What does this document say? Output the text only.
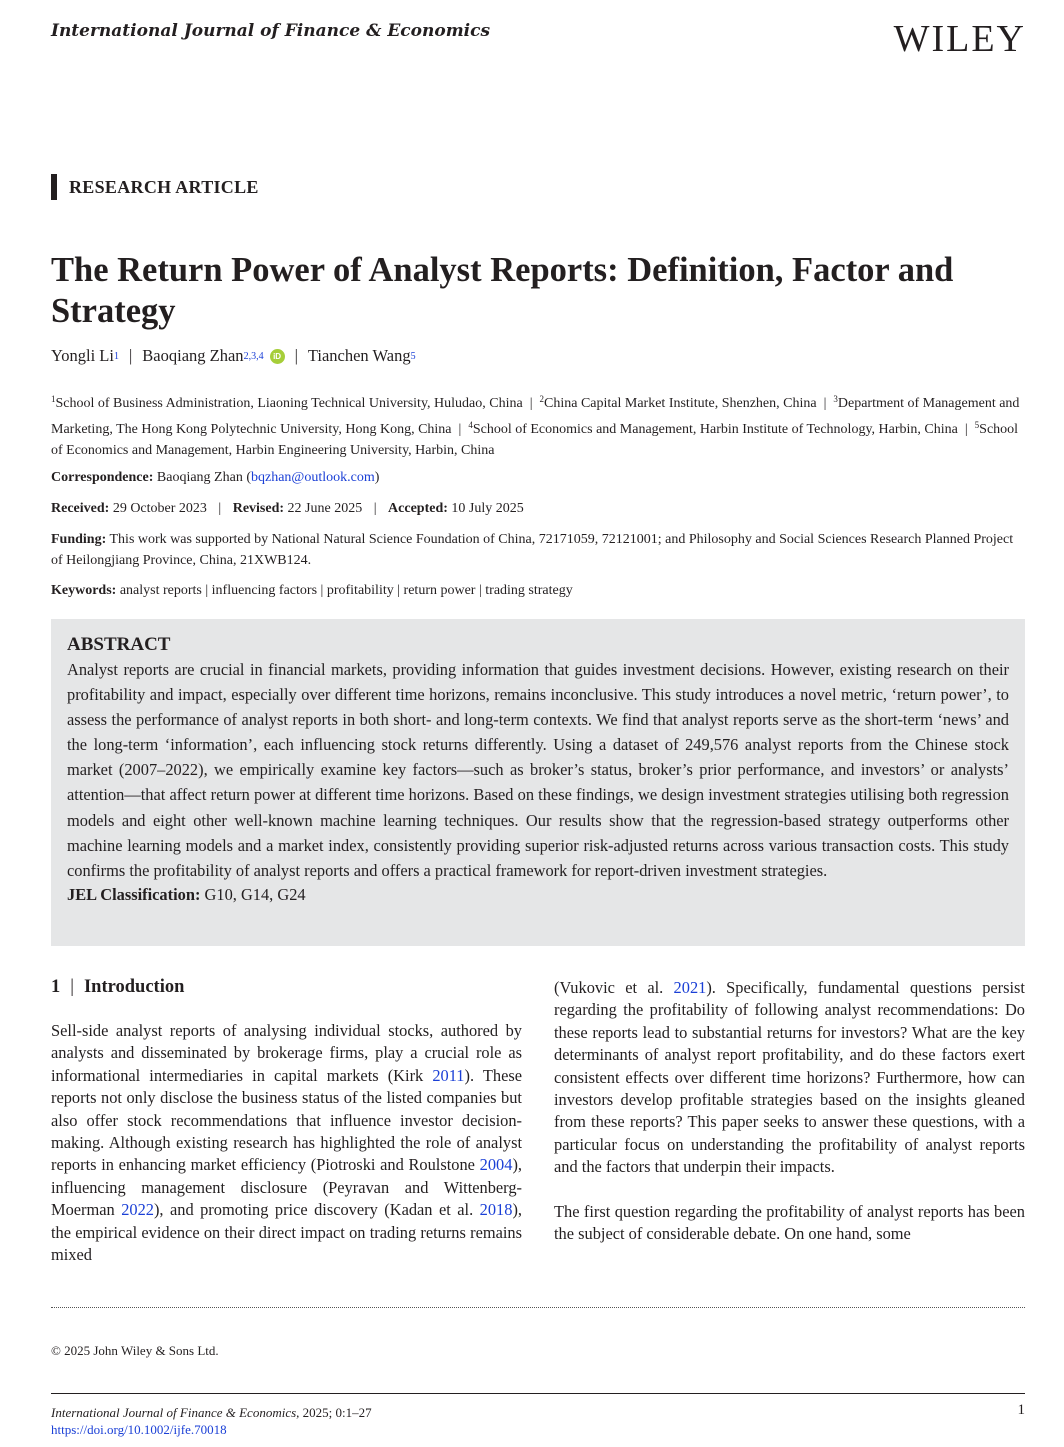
International Journal of Finance & Economics	WILEY
RESEARCH ARTICLE
The Return Power of Analyst Reports: Definition, Factor and Strategy
Yongli Li 1 | Baoqiang Zhan 2,3,4	iD | Tianchen Wang 5
$^1$School of Business Administration, Liaoning Technical University, Huludao, China | $^2$China Capital Market Institute, Shenzhen, China | $^3$Department of Management and Marketing, The Hong Kong Polytechnic University, Hong Kong, China | $^4$School of Economics and Management, Harbin Institute of Technology, Harbin, China | $^5$School of Economics and Management, Harbin Engineering University, Harbin, China
Correspondence: Baoqiang Zhan (bqzhan@outlook.com)
Received: 29 October 2023 | Revised: 22 June 2025 | Accepted: 10 July 2025
Funding: This work was supported by National Natural Science Foundation of China, 72171059, 72121001; and Philosophy and Social Sciences Research Planned Project of Heilongjiang Province, China, 21XWB124.
Keywords: analyst reports | influencing factors | profitability | return power | trading strategy
ABSTRACT
Analyst reports are crucial in financial markets, providing information that guides investment decisions. However, existing research on their profitability and impact, especially over different time horizons, remains inconclusive. This study introduces a novel metric, ‘return power’, to assess the performance of analyst reports in both short- and long-term contexts. We find that analyst reports serve as the short-term ‘news’ and the long-term ‘information’, each influencing stock returns differently. Using a dataset of 249,576 analyst reports from the Chinese stock market (2007–2022), we empirically examine key factors—such as broker’s status, broker’s prior performance, and investors’ or analysts’ attention—that affect return power at different time horizons. Based on these findings, we design investment strategies utilising both regression models and eight other well-known machine learning techniques. Our results show that the regression-based strategy outperforms other machine learning models and a market index, consistently providing superior risk-adjusted returns across various transaction costs. This study confirms the profitability of analyst reports and offers a practical framework for report-driven investment strategies.
JEL Classification: G10, G14, G24
1 | Introduction

Sell-side analyst reports of analysing individual stocks, authored by analysts and disseminated by brokerage firms, play a crucial role as informational intermediaries in capital markets (Kirk 2011). These reports not only disclose the business status of the listed companies but also offer stock recommendations that influence investor decision-making. Although existing research has highlighted the role of analyst reports in enhancing market efficiency (Piotroski and Roulstone 2004), influencing management disclosure (Peyravan and Wittenberg-Moerman 2022), and promoting price discovery (Kadan et al. 2018), the empirical evidence on their direct impact on trading returns remains mixed

(Vukovic et al. 2021). Specifically, fundamental questions persist regarding the profitability of following analyst recommendations: Do these reports lead to substantial returns for investors? What are the key determinants of analyst report profitability, and do these factors exert consistent effects over different time horizons? Furthermore, how can investors develop profitable strategies based on the insights gleaned from these reports? This paper seeks to answer these questions, with a particular focus on understanding the profitability of analyst reports and the factors that underpin their impacts.

The first question regarding the profitability of analyst reports has been the subject of considerable debate. On one hand, some

© 2025 John Wiley & Sons Ltd.
International Journal of Finance & Economics, 2025; 0:1–27
https://doi.org/10.1002/ijfe.70018
1
